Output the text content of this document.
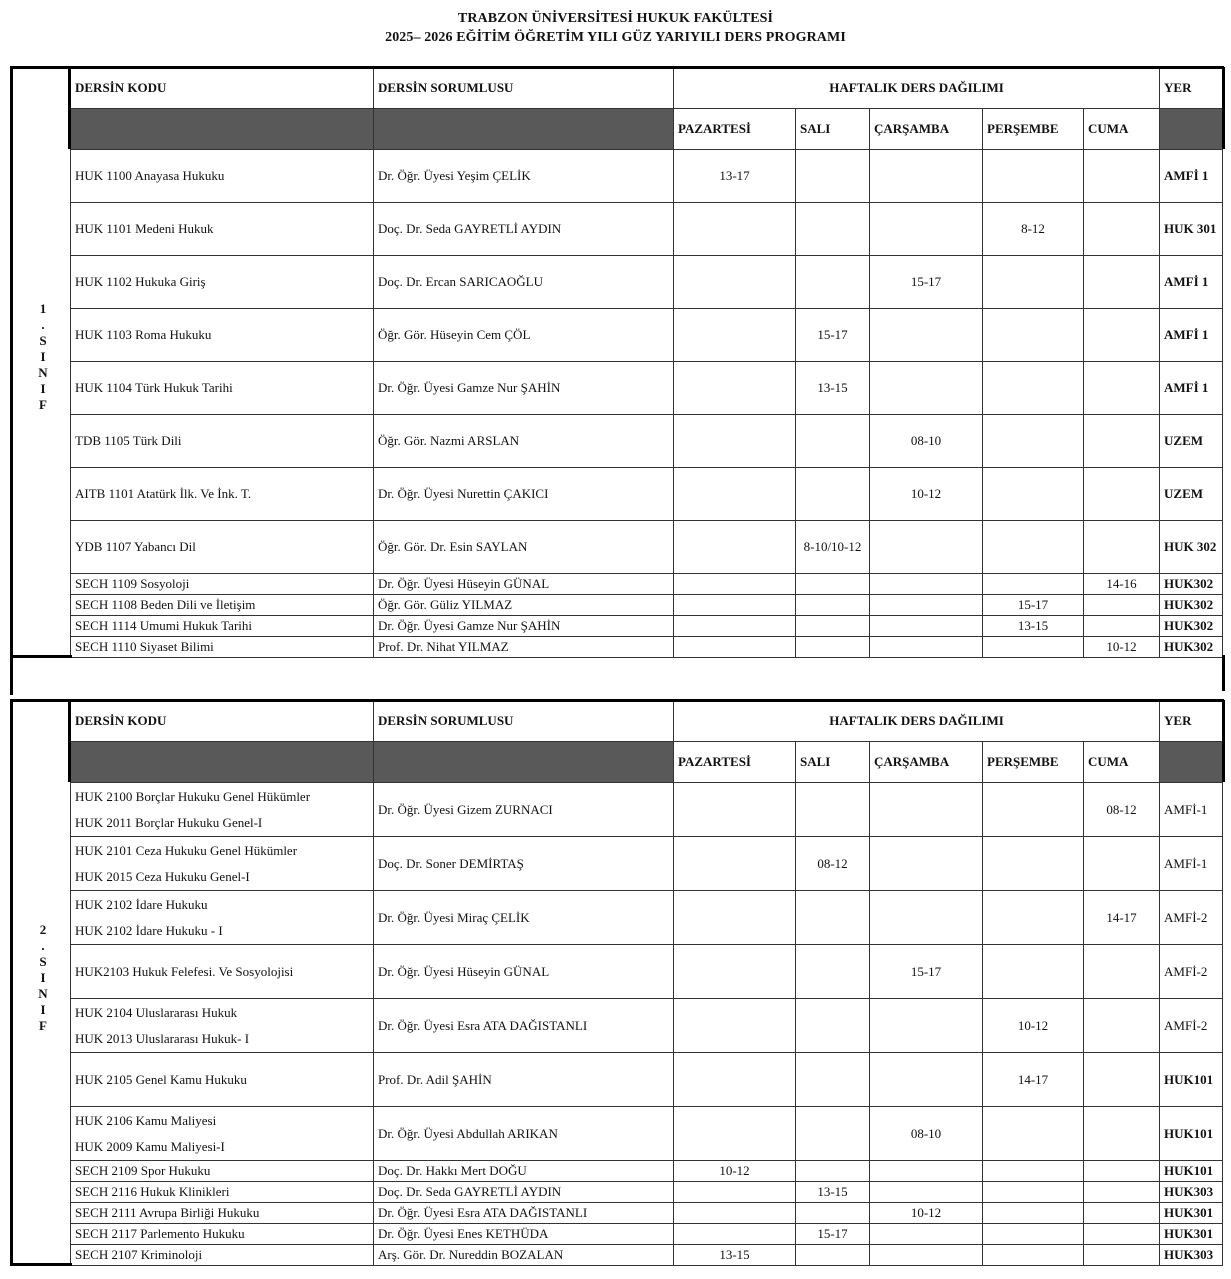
TRABZON ÜNİVERSİTESİ HUKUK FAKÜLTESİ
2025– 2026 EĞİTİM ÖĞRETİM YILI GÜZ YARIYILI DERS PROGRAMI
DERSİN KODU	DERSİN SORUMLUSU	HAFTALIK DERS DAĞILIMI					YER
		PAZARTESİ	SALI	ÇARŞAMBA	PERŞEMBE	CUMA	

HUK 1100 Anayasa Hukuku	Dr. Öğr. Üyesi Yeşim ÇELİK	13-17					AMFİ 1

HUK 1101 Medeni Hukuk	Doç. Dr. Seda GAYRETLİ AYDIN				8-12		HUK 301

HUK 1102 Hukuka Giriş	Doç. Dr. Ercan SARICAOĞLU			15-17			AMFİ 1

HUK 1103 Roma Hukuku	Öğr. Gör. Hüseyin Cem ÇÖL		15-17				AMFİ 1

HUK 1104 Türk Hukuk Tarihi	Dr. Öğr. Üyesi Gamze Nur ŞAHİN		13-15				AMFİ 1

TDB 1105 Türk Dili	Öğr. Gör. Nazmi ARSLAN			08-10			UZEM

AITB 1101 Atatürk İlk. Ve İnk. T.	Dr. Öğr. Üyesi Nurettin ÇAKICI			10-12			UZEM

YDB 1107 Yabancı Dil	Öğr. Gör. Dr. Esin SAYLAN		8-10/10-12				HUK 302

SECH 1109 Sosyoloji	Dr. Öğr. Üyesi Hüseyin GÜNAL					14-16	HUK302

SECH 1108 Beden Dili ve İletişim	Öğr. Gör. Güliz YILMAZ				15-17		HUK302

SECH 1114 Umumi Hukuk Tarihi	Dr. Öğr. Üyesi Gamze Nur ŞAHİN				13-15		HUK302

SECH 1110 Siyaset Bilimi	Prof. Dr. Nihat YILMAZ					10-12	HUK302
1
.
S
I
N
I
F
DERSİN KODU	DERSİN SORUMLUSU	HAFTALIK DERS DAĞILIMI					YER
		PAZARTESİ	SALI	ÇARŞAMBA	PERŞEMBE	CUMA	

HUK 2100 Borçlar Hukuku Genel Hükümler
HUK 2011 Borçlar Hukuku Genel-I	Dr. Öğr. Üyesi Gizem ZURNACI					08-12	AMFİ-1

HUK 2101 Ceza Hukuku Genel Hükümler
HUK 2015 Ceza Hukuku Genel-I	Doç. Dr. Soner DEMİRTAŞ		08-12				AMFİ-1

HUK 2102 İdare Hukuku
HUK 2102 İdare Hukuku - I	Dr. Öğr. Üyesi Miraç ÇELİK					14-17	AMFİ-2

HUK2103 Hukuk Felefesi. Ve Sosyolojisi	Dr. Öğr. Üyesi Hüseyin GÜNAL			15-17			AMFİ-2

HUK 2104 Uluslararası Hukuk
HUK 2013 Uluslararası Hukuk- I	Dr. Öğr. Üyesi Esra ATA DAĞISTANLI				10-12		AMFİ-2

HUK 2105 Genel Kamu Hukuku	Prof. Dr. Adil ŞAHİN				14-17		HUK101

HUK 2106 Kamu Maliyesi
HUK 2009 Kamu Maliyesi-I	Dr. Öğr. Üyesi Abdullah ARIKAN			08-10			HUK101

SECH 2109 Spor Hukuku	Doç. Dr. Hakkı Mert DOĞU	10-12					HUK101

SECH 2116 Hukuk Klinikleri	Doç. Dr. Seda GAYRETLİ AYDIN		13-15				HUK303

SECH 2111 Avrupa Birliği Hukuku	Dr. Öğr. Üyesi Esra ATA DAĞISTANLI			10-12			HUK301

SECH 2117 Parlemento Hukuku	Dr. Öğr. Üyesi Enes KETHÜDA		15-17				HUK301

SECH 2107 Kriminoloji	Arş. Gör. Dr. Nureddin BOZALAN	13-15					HUK303
2
.
S
I
N
I
F
